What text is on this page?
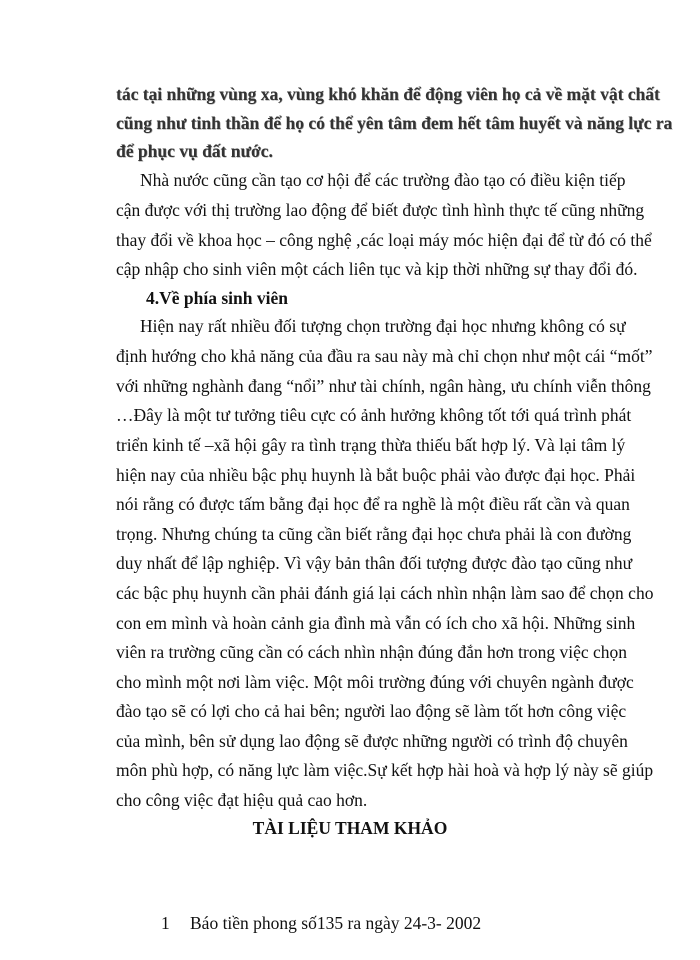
tác tại những vùng xa, vùng khó khăn để động viên họ cả về mặt vật chất
cũng như tinh thần để họ có thể yên tâm đem hết tâm huyết và năng lực ra
để phục vụ đất nước.
Nhà nước cũng cần tạo cơ hội để các trường đào tạo có điều kiện tiếp
cận được với thị trường lao động để biết được tình hình thực tế cũng những
thay đổi về khoa học – công nghệ ,các loại máy móc hiện đại để từ đó có thể
cập nhập cho sinh viên một cách liên tục và kịp thời những sự thay đổi đó.
4.Về phía sinh viên
Hiện nay rất nhiều đối tượng chọn trường đại học nhưng không có sự
định hướng cho khả năng của đầu ra sau này mà chỉ chọn như một cái “mốt”
với những nghành đang “nổi” như tài chính, ngân hàng, ưu chính viễn thông
…Đây là một tư tưởng tiêu cực có ảnh hưởng không tốt tới quá trình phát
triển kinh tế –xã hội gây ra tình trạng thừa thiếu bất hợp lý. Và lại tâm lý
hiện nay của nhiều bậc phụ huynh là bắt buộc phải vào được đại học. Phải
nói rằng có được tấm bằng đại học để ra nghề là một điều rất cần và quan
trọng. Nhưng chúng ta cũng cần biết rằng đại học chưa phải là con đường
duy nhất để lập nghiệp. Vì vậy bản thân đối tượng được đào tạo cũng như
các bậc phụ huynh cần phải đánh giá lại cách nhìn nhận làm sao để chọn cho
con em mình và hoàn cảnh gia đình mà vẫn có ích cho xã hội. Những sinh
viên ra trường cũng cần có cách nhìn nhận đúng đắn hơn trong việc chọn
cho mình một nơi làm việc. Một môi trường đúng với chuyên ngành được
đào tạo sẽ có lợi cho cả hai bên; người lao động sẽ làm tốt hơn công việc
của mình, bên sử dụng lao động sẽ được những người có trình độ chuyên
môn phù hợp, có năng lực làm việc.Sự kết hợp hài hoà và hợp lý này sẽ giúp
cho công việc đạt hiệu quả cao hơn.
TÀI LIỆU THAM KHẢO
1 Báo tiền phong số135 ra ngày 24-3- 2002
